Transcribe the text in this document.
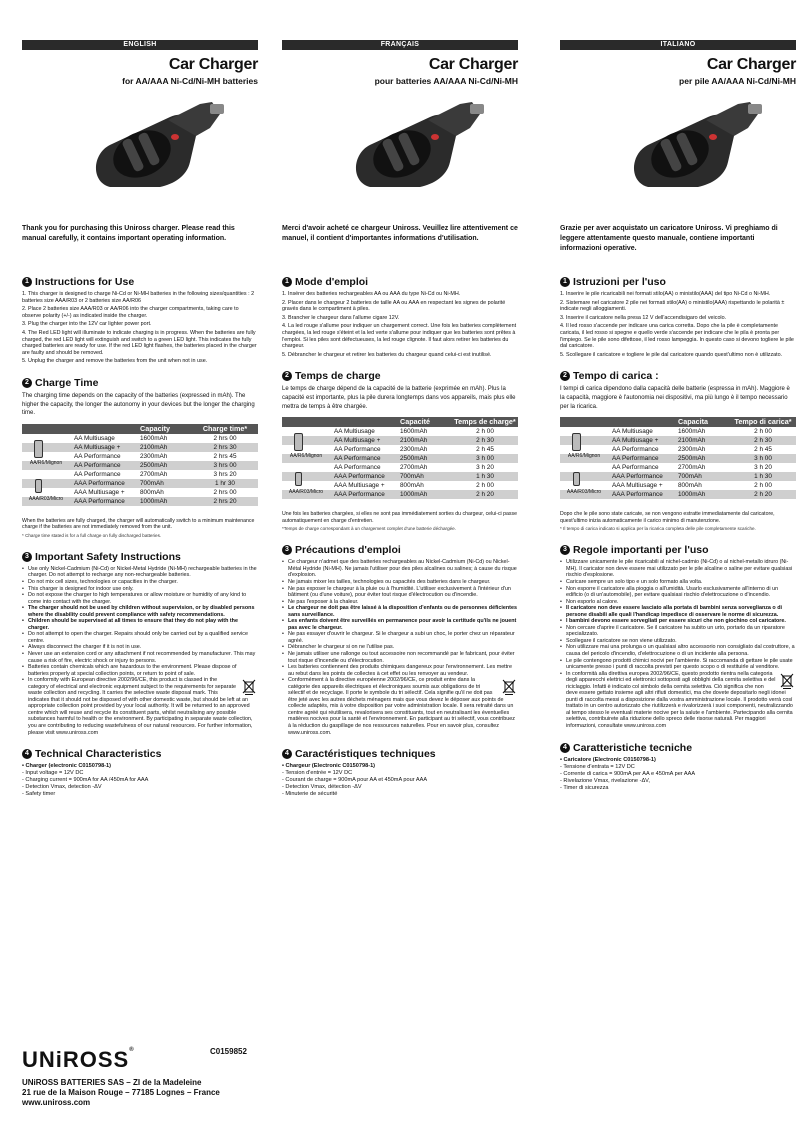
ENGLISH
Car Charger
for AA/AAA Ni-Cd/Ni-MH batteries
Thank you for purchasing this Uniross charger. Please read this manual carefully, it contains important operating information.
1 Instructions for Use
1. This charger is designed to charge Ni-Cd or Ni-MH batteries in the following sizes/quantities : 2 batteries size AAA/R03 or 2 batteries size AA/R06
2. Place 2 batteries size AAA/R03 or AA/R06 into the charger compartments, taking care to observe polarity (+/-) as indicated inside the charger.
3. Plug the charger into the 12V car lighter power port.
4. The Red LED light will illuminate to indicate charging is in progress. When the batteries are fully charged, the red LED light will extinguish and switch to a green LED light. This indicates the fully charged batteries are ready for use. If the red LED light flashes, the batteries placed in the charger are faulty and should be removed.
5. Unplug the charger and remove the batteries from the unit when not in use.
2 Charge Time
The charging time depends on the capacity of the batteries (expressed in mAh). The higher the capacity, the longer the autonomy in your devices but the longer the charging time.
Capacity	Charge time*
AA Multiusage	1600mAh	2 hrs 00
AA Multiusage +	2100mAh	2 hrs 30
AA Performance	2300mAh	2 hrs 45
AA Performance	2500mAh	3 hrs 00
AA Performance	2700mAh	3 hrs 20
AAA Performance	700mAh	1 hr 30
AAA Multiusage +	800mAh	2 hrs 00
AAA Performance	1000mAh	2 hrs 20
AA/R6/Mignon
AAA/R03/Micro
When the batteries are fully charged, the charger will automatically switch to a minimum maintenance charge if the batteries are not immediately removed from the unit.
* Charge time stated is for a full charge on fully discharged batteries.
3 Important Safety Instructions
• Use only Nickel-Cadmium (Ni-Cd) or Nickel-Metal Hydride (Ni-MH) rechargeable batteries in the charger. Do not attempt to recharge any non-rechargeable batteries.
• Do not mix cell sizes, technologies or capacities in the charger.
• This charger is designed for indoor use only.
• Do not expose the charger to high temperatures or allow moisture or humidity of any kind to come into contact with the charger.
• The charger should not be used by children without supervision, or by disabled persons where the disability could prevent compliance with safety recommendations.
• Children should be supervised at all times to ensure that they do not play with the charger.
• Do not attempt to open the charger. Repairs should only be carried out by a qualified service centre.
• Always disconnect the charger if it is not in use.
• Never use an extension cord or any attachment if not recommended by manufacturer. This may cause a risk of fire, electric shock or injury to persons.
• Batteries contain chemicals which are hazardous to the environment. Please dispose of batteries properly at special collection points, or return to point of sale.
• In conformity with European directive 2002/96/CE, this product is classed in the category of electrical and electronic equipment subject to the requirements for separate waste collection and recycling. It carries the selective waste disposal mark. This indicates that it should not be disposed of with other domestic waste, but should be left at an appropriate collection point provided by your local authority. It will be returned to an approved centre which will reuse and recycle its constituent parts, whilst neutralising any possible substances harmful to health or the environment. By participating in separate waste collection, you are contributing to reducing wastefulness of our natural resources. For further information, please visit www.uniross.com
4 Technical Characteristics
• Charger (electronic C0150798-1)
- Input voltage = 12V DC
- Charging current = 900mA for AA /450mA for AAA
- Detection Vmax, detection -ΔV
- Safety timer
FRANÇAIS
Car Charger
pour batteries AA/AAA Ni-Cd/Ni-MH
Merci d'avoir acheté ce chargeur Uniross. Veuillez lire attentivement ce manuel, il contient d'importantes informations d'utilisation.
1 Mode d'emploi
1. Insérer des batteries rechargeables AA ou AAA du type Ni-Cd ou Ni-MH.
2. Placer dans le chargeur 2 batteries de taille AA ou AAA en respectant les signes de polarité gravés dans le compartiment à piles.
3. Brancher le chargeur dans l'allume cigare 12V.
4. La led rouge s'allume pour indiquer un chargement correct. Une fois les batteries complètement chargées, la led rouge s'éteint et la led verte s'allume pour indiquer que les batteries sont prêtes à l'emploi. Si les piles sont défectueuses, la led rouge clignote. Il faut alors retirer les batteries du chargeur.
5. Débrancher le chargeur et retirer les batteries du chargeur quand celui-ci est inutilisé.
2 Temps de charge
Le temps de charge dépend de la capacité de la batterie (exprimée en mAh). Plus la capacité est importante, plus la pile durera longtemps dans vos appareils, mais plus elle mettra de temps à être chargée.
Capacité	Temps de charge*
AA Multiusage	1600mAh	2 h 00
AA Multiusage +	2100mAh	2 h 30
AA Performance	2300mAh	2 h 45
AA Performance	2500mAh	3 h 00
AA Performance	2700mAh	3 h 20
AAA Performance	700mAh	1 h 30
AAA Multiusage +	800mAh	2 h 00
AAA Performance	1000mAh	2 h 20
AA/R6/Mignon
AAA/R03/Micro
Une fois les batteries chargées, si elles ne sont pas immédiatement sorties du chargeur, celui-ci passe automatiquement en charge d'entretien.
*Temps de charge correspondant à un chargement complet d'une batterie déchargée.
3 Précautions d'emploi
• Ce chargeur n'admet que des batteries rechargeables au Nickel-Cadmium (Ni-Cd) ou Nickel-Métal Hydride (Ni-MH). Ne jamais l'utiliser pour des piles alcalines ou salines; à cause du risque d'explosion.
• Ne jamais mixer les tailles, technologies ou capacités des batteries dans le chargeur.
• Ne pas exposer le chargeur à la pluie ou à l'humidité. L'utiliser exclusivement à l'intérieur d'un bâtiment (ou d'une voiture), pour éviter tout risque d'électrocution ou d'incendie.
• Ne pas l'exposer à la chaleur.
• Le chargeur ne doit pas être laissé à la disposition d'enfants ou de personnes déficientes sans surveillance.
• Les enfants doivent être surveillés en permanence pour avoir la certitude qu'ils ne jouent pas avec le chargeur.
• Ne pas essayer d'ouvrir le chargeur. Si le chargeur a subi un choc, le porter chez un réparateur agréé.
• Débrancher le chargeur si on ne l'utilise pas.
• Ne jamais utiliser une rallonge ou tout accessoire non recommandé par le fabricant, pour éviter tout risque d'incendie ou d'électrocution.
• Les batteries contiennent des produits chimiques dangereux pour l'environnement. Les mettre au rebut dans les points de collectes à cet effet ou les renvoyer au vendeur.
• Conformément à la directive européenne 2002/96/CE, ce produit entre dans la catégorie des appareils électriques et électroniques soumis aux obligations de tri sélectif et de recyclage. Il porte le symbole du tri sélectif. Cela signifie qu'il ne doit pas être jeté avec les autres déchets ménagers mais que vous devez le déposer aux points de collecte adaptés, mis à votre disposition par votre administration locale. Il sera retraité dans un centre agréé qui réutilisera, revalorisera ses constituants, tout en neutralisant les éventuelles matières nocives pour la santé et l'environnement. En participant au tri sélectif, vous contribuez à la réduction du gaspillage de nos ressources naturelles. Pour en savoir plus, consultez www.uniross.com.
4 Caractéristiques techniques
• Chargeur (Electronic C0150798-1)
- Tension d'entrée = 12V DC
- Courant de charge = 900mA pour AA et 450mA pour AAA
- Detection Vmax, détection -ΔV
- Minuterie de sécurité
ITALIANO
Car Charger
per pile AA/AAA Ni-Cd/Ni-MH
Grazie per aver acquistato un caricatore Uniross. Vi preghiamo di leggere attentamente questo manuale, contiene importanti informazioni operative.
1 Istruzioni per l'uso
1. Inserire le pile ricaricabili nei formati stilo(AA) o ministilo(AAA) del tipo Ni-Cd o Ni-MH.
2. Sistemare nel caricatore 2 pile nei formati stilo(AA) o ministilo(AAA) rispettando le polarità ± indicate negli alloggiamenti.
3. Inserire il caricatore nella presa 12 V dell'accendisigaro del veicolo.
4. Il led rosso s'accende per indicare una carica corretta. Dopo che la pile è completamente caricata, il led rosso si spegne e quello verde s'accende per indicare che le pila è pronta per l'impiego. Se le pile sono difettose, il led rosso lampeggia. In questo caso si devono togliere le pile dal caricatore.
5. Scollegare il caricatore e togliere le pile dal caricatore quando quest'ultimo non è utilizzato.
2 Tempo di carica :
I tempi di carica dipendono dalla capacità delle batterie (espressa in mAh). Maggiore è la capacità, maggiore è l'autonomia nei dispositivi, ma più lungo è il tempo necessario per la ricarica.
Capacita	Tempo di carica*
AA Multiusage	1600mAh	2 h 00
AA Multiusage +	2100mAh	2 h 30
AA Performance	2300mAh	2 h 45
AA Performance	2500mAh	3 h 00
AA Performance	2700mAh	3 h 20
AAA Performance	700mAh	1 h 30
AAA Multiusage +	800mAh	2 h 00
AAA Performance	1000mAh	2 h 20
AA/R6/Mignon
AAA/R03/Micro
Dopo che le pile sono state caricate, se non vengono estratte immediatamente dal caricatore, quest'ultimo inizia automaticamente il carico minimo di manutenzione.
* Il tempo di carica indicato si applica per la ricarica completa delle pile completamente scariche.
3 Regole importanti per l'uso
• Utilizzare unicamente le pile ricaricabili al nichel-cadmio (Ni-Cd) o al nichel-metallo idruro (Ni-MH). Il caricator non deve essere mai utilizzato per le pile alcaline o saline per evitare qualsiasi rischio d'esplosione.
• Caricare sempre un solo tipo e un solo formato alla volta.
• Non esporre il caricatore alla pioggia o all'umidità. Usarlo esclusivamente all'interno di un edificio (o di un'automobile), per evitare qualsiasi rischio d'elettrocuzione o d'incendio.
• Non esporlo al calore.
• Il caricatore non deve essere lasciato alla portata di bambini senza sorveglianza o di persone disabili alle quali l'handicap impedisce di osservare le norme di sicurezza.
• I bambini devono essere sorvegliati per essere sicuri che non giochino col caricatore.
• Non cercare d'aprire il caricatore. Se il caricatore ha subito un urto, portarlo da un riparatore specializzato.
• Scollegare il caricatore se non viene utilizzato.
• Non utilizzare mai una prolunga o un qualsiasi altro accessorio non consigliato dal costruttore, a causa del pericolo d'incendio, d'elettrocuzione o di un incidente alla persona.
• Le pile contengono prodotti chimici nocivi per l'ambiente. Si raccomanda di gettare le pile usate unicamente presso i punti di raccolta previsti per questo scopo o di restituirle al venditore.
• In conformità alla direttiva europea 2002/96/CE, questo prodotto rientra nella categoria degli apparecchi elettrici ed elettronici sottoposti agli obblighi della cernita selettiva e del riciclaggio. Infatti è indicato col simbolo della cernita selettiva. Ciò significa che non deve essere gettato insieme agli altri rifiuti domestici, ma che dovete depositarlo negli idonei punti di raccolta messi a disposizione dalla vostra amministrazione locale. Il prodotto verrà così trattato in un centro autorizzato che riutilizzerà e rivalorizzerà i suoi componenti, neutralizzando al tempo stesso le eventuali materie nocive per la salute e l'ambiente. Partecipando alla cernita selettiva, contribuirete alla riduzione dello spreco delle risorse naturali. Per maggiori informazioni, consultate www.uniross.com
4 Caratteristiche tecniche
• Caricatore (Electronic C0150798-1)
- Tensione d'entrata = 12V DC
- Corrente di carica = 900mA per AA e 450mA per AAA
- Rivelazione Vmax, rivelazione -ΔV,
- Timer di sicurezza
UNiROSS®	C0159852
UNiROSS BATTERIES SAS – ZI de la Madeleine
21 rue de la Maison Rouge – 77185 Lognes – France
www.uniross.com
